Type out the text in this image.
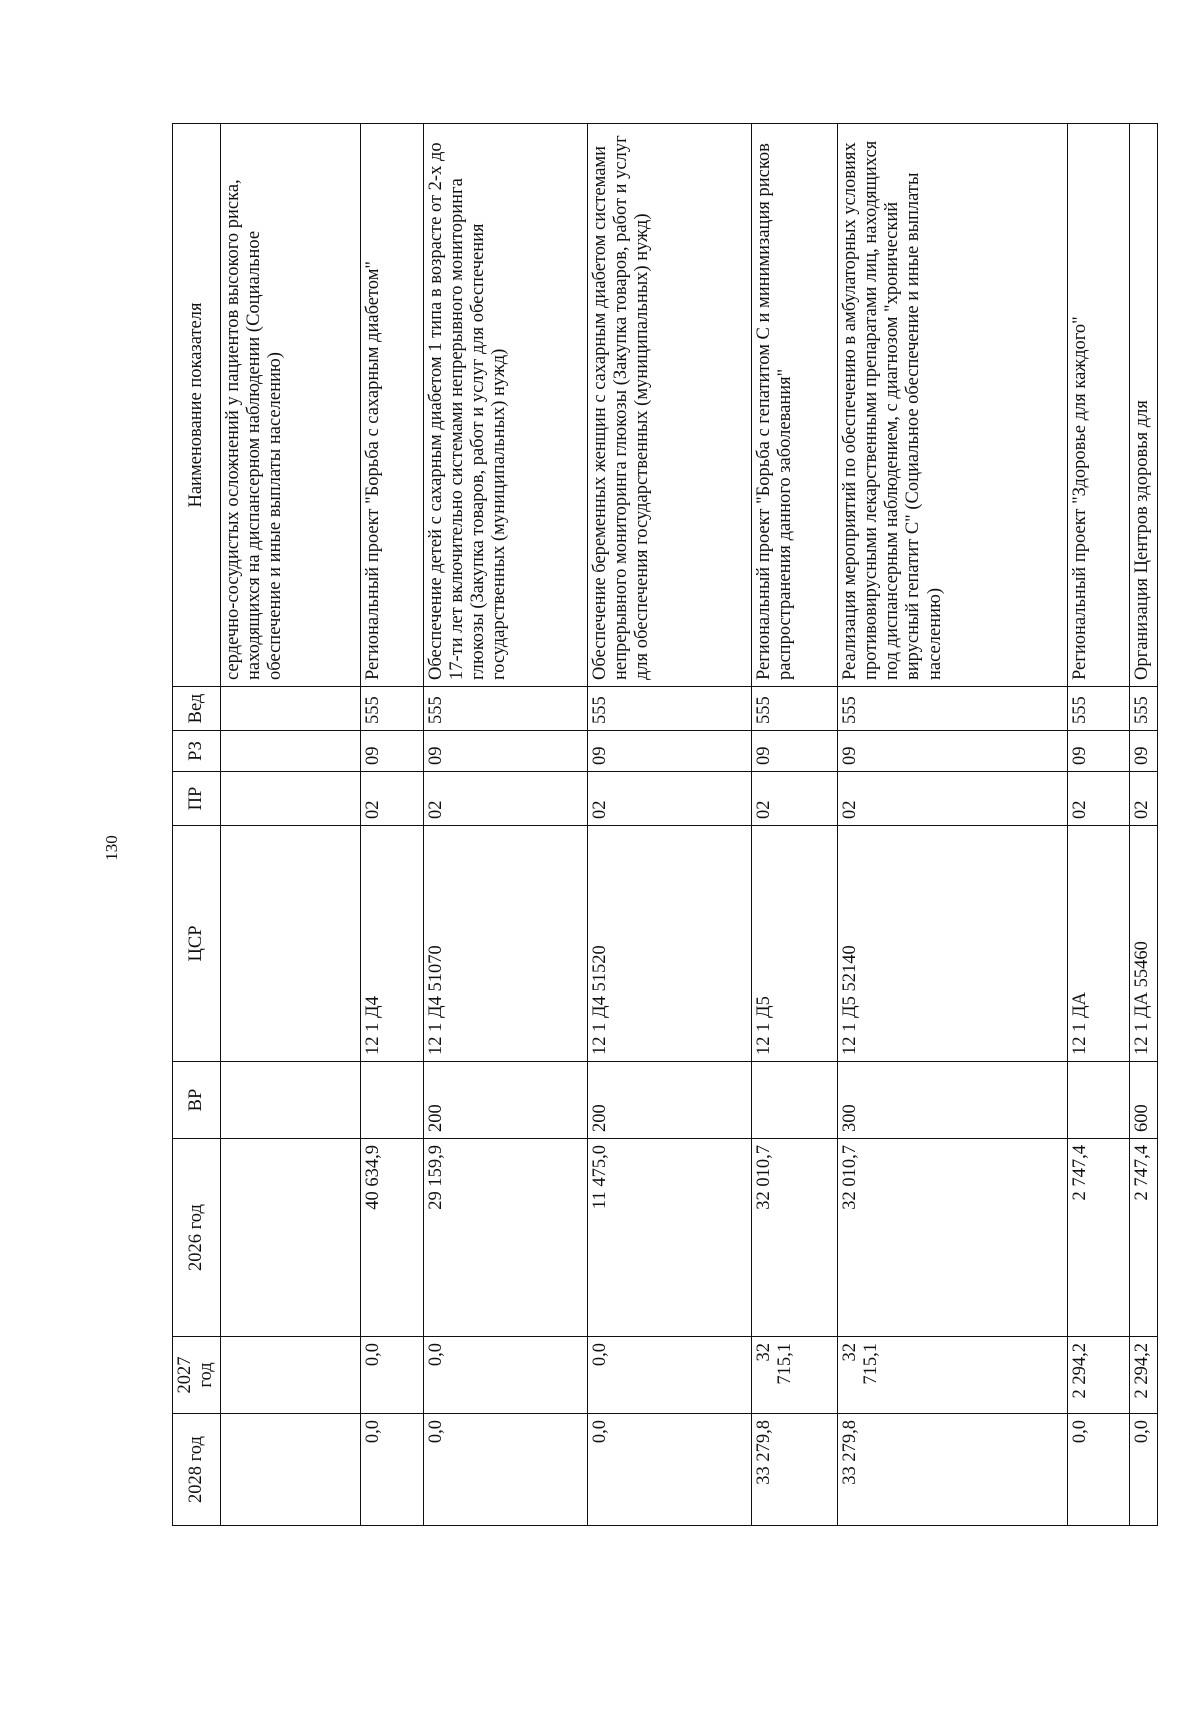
130
2028 год	2027 год	2026 год	ВР	ЦСР	ПР	РЗ	Вед	Наименование показателя
								сердечно-сосудистых осложнений у пациентов высокого риска, находящихся на диспансерном наблюдении (Социальное обеспечение и иные выплаты населению)
0,0	0,0	40 634,9		12 1 Д4	02	09	555	Региональный проект "Борьба с сахарным диабетом"
0,0	0,0	29 159,9	200	12 1 Д4 51070	02	09	555	Обеспечение детей с сахарным диабетом 1 типа в возрасте от 2-х до 17-ти лет включительно системами непрерывного мониторинга глюкозы (Закупка товаров, работ и услуг для обеспечения государственных (муниципальных) нужд)
0,0	0,0	11 475,0	200	12 1 Д4 51520	02	09	555	Обеспечение беременных женщин с сахарным диабетом системами непрерывного мониторинга глюкозы (Закупка товаров, работ и услуг для обеспечения государственных (муниципальных) нужд)
33 279,8	32 715,1	32 010,7		12 1 Д5	02	09	555	Региональный проект "Борьба с гепатитом С и минимизация рисков распространения данного заболевания"
33 279,8	32 715,1	32 010,7	300	12 1 Д5 52140	02	09	555	Реализация мероприятий по обеспечению в амбулаторных условиях противовирусными лекарственными препаратами лиц, находящихся под диспансерным наблюдением, с диагнозом "хронический вирусный гепатит С" (Социальное обеспечение и иные выплаты населению)
0,0	2 294,2	2 747,4		12 1 ДА	02	09	555	Региональный проект "Здоровье для каждого"
0,0	2 294,2	2 747,4	600	12 1 ДА 55460	02	09	555	Организация Центров здоровья для
